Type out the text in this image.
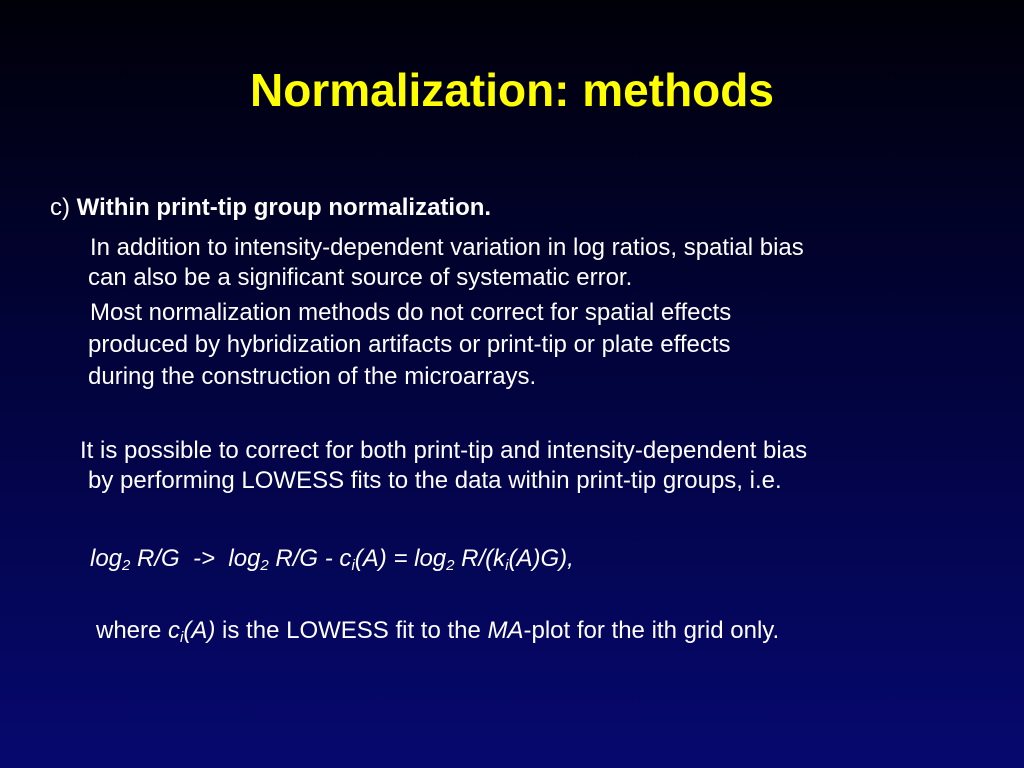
Normalization: methods

c) Within print-tip group normalization.

In addition to intensity-dependent variation in log ratios, spatial bias

can also be a significant source of systematic error.

Most normalization methods do not correct for spatial effects

produced by hybridization artifacts or print-tip or plate effects

during the construction of the microarrays.

It is possible to correct for both print-tip and intensity-dependent bias

by performing LOWESS fits to the data within print-tip groups, i.e.

$\log_2 R/G -> \log_2 R/G - c_i(A) = \log_2 R/(k_i(A)G)$,

where $c_i(A)$ is the LOWESS fit to the MA-plot for the ith grid only.
